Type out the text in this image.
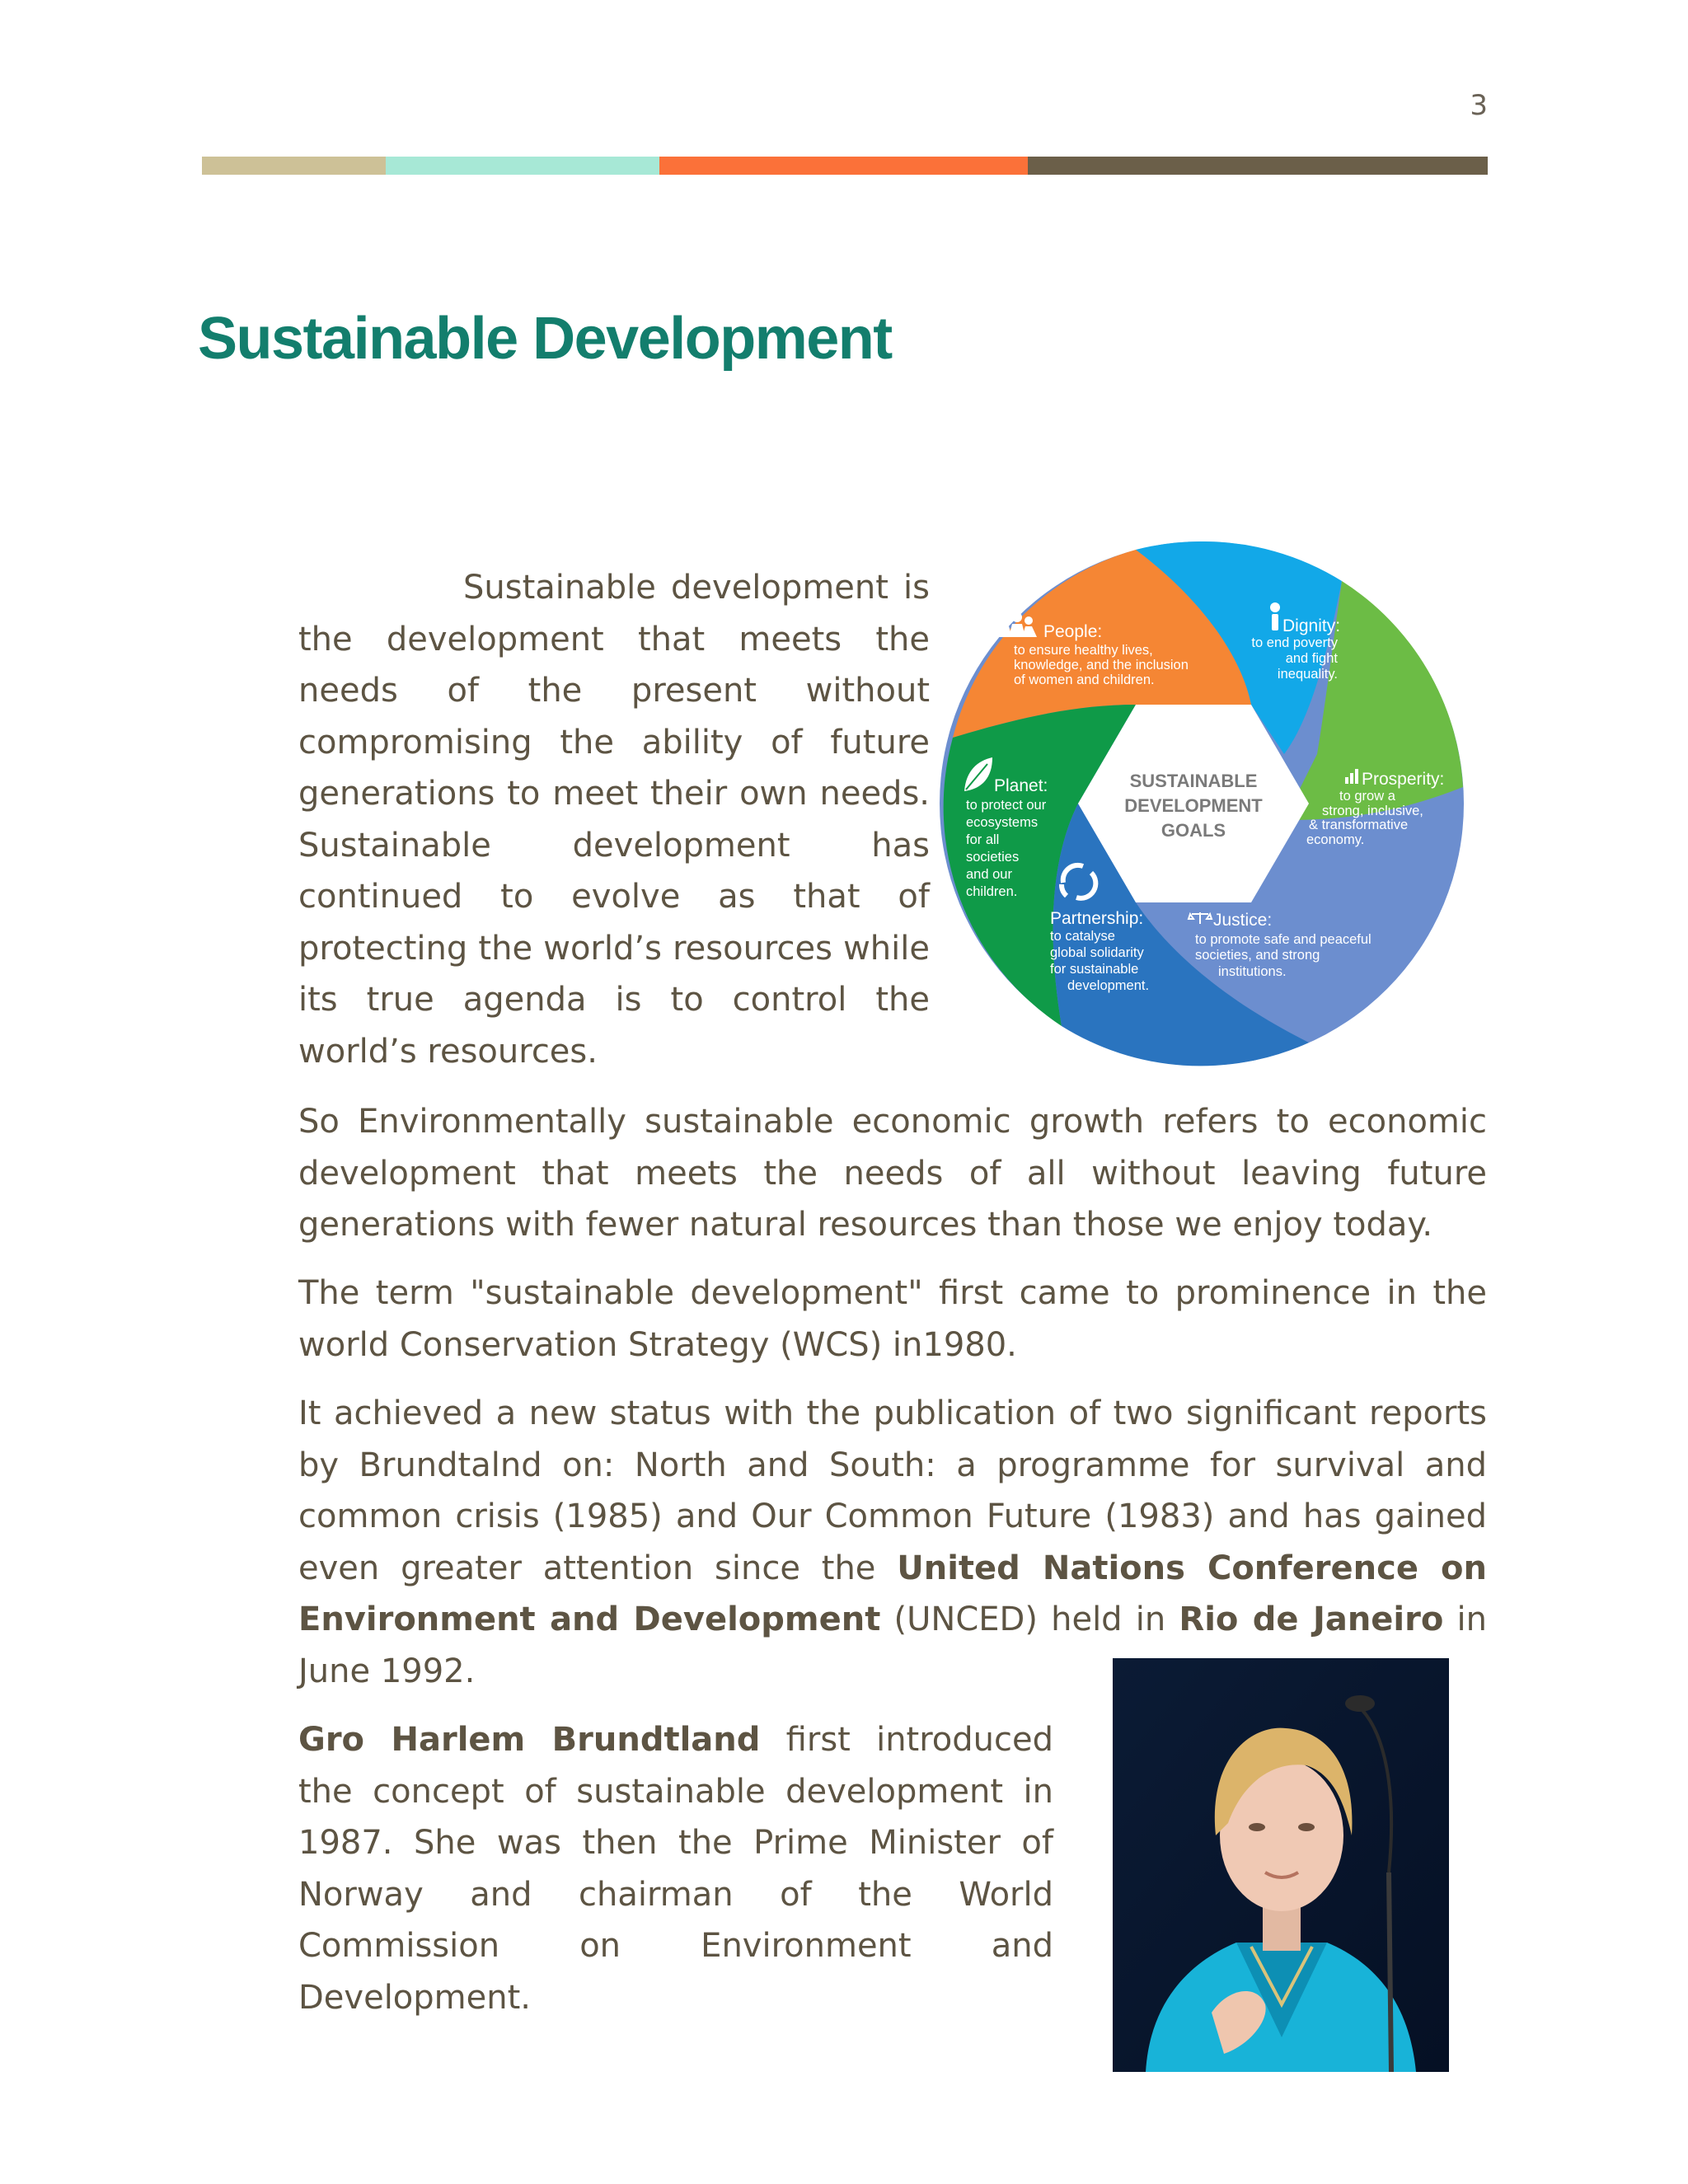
3
Sustainable Development

Sustainable development is the development that meets the needs of the present without compromising the ability of future generations to meet their own needs. Sustainable development has continued to evolve as that of protecting the world’s resources while its true agenda is to control the world’s resources.

SUSTAINABLE
DEVELOPMENT
GOALS
People:
to ensure healthy lives,
knowledge, and the inclusion
of women and children.
Dignity:
to end poverty
and fight
inequality.
Prosperity:
to grow a
strong, inclusive,
& transformative
economy.
Planet:
to protect our
ecosystems
for all
societies
and our
children.
Partnership:
to catalyse
global solidarity
for sustainable
development.
Justice:
to promote safe and peaceful
societies, and strong
institutions.

So Environmentally sustainable economic growth refers to economic development that meets the needs of all without leaving future generations with fewer natural resources than those we enjoy today.

The term "sustainable development" first came to prominence in the world Conservation Strategy (WCS) in1980.

It achieved a new status with the publication of two significant reports by Brundtalnd on: North and South: a programme for survival and common crisis (1985) and Our Common Future (1983) and has gained even greater attention since the United Nations Conference on Environment and Development (UNCED) held in Rio de Janeiro in June 1992.

Gro Harlem Brundtland first introduced the concept of sustainable development in 1987. She was then the Prime Minister of Norway and chairman of the World Commission on Environment and Development.
